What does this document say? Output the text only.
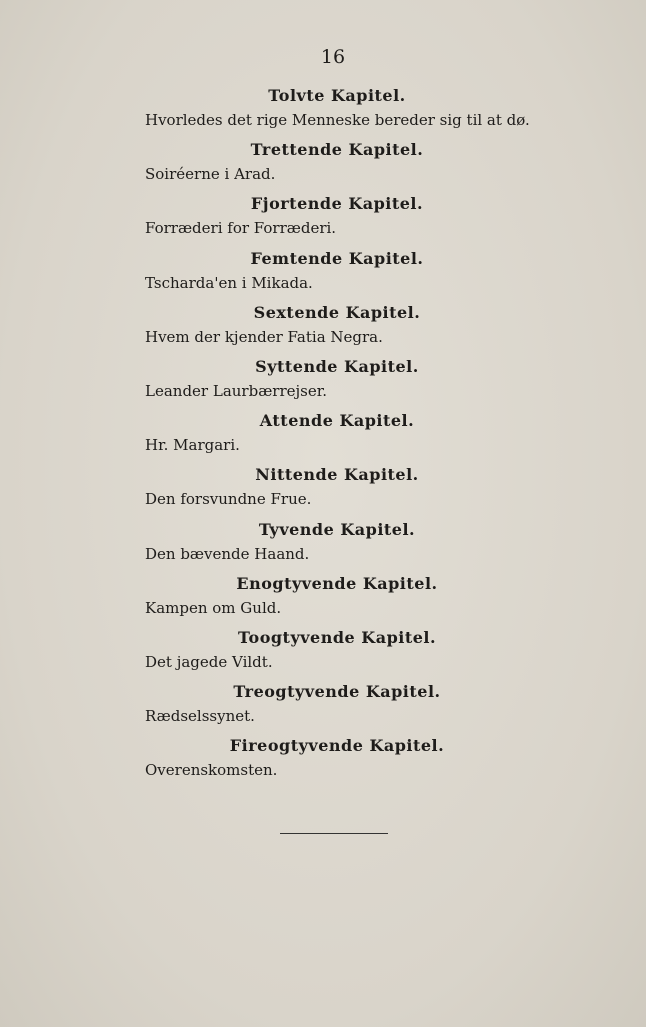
16
Tolvte Kapitel.
Hvorledes det rige Menneske bereder sig til at dø.
Trettende Kapitel.
Soiréerne i Arad.
Fjortende Kapitel.
Forræderi for Forræderi.
Femtende Kapitel.
Tscharda'en i Mikada.
Sextende Kapitel.
Hvem der kjender Fatia Negra.
Syttende Kapitel.
Leander Laurbærrejser.
Attende Kapitel.
Hr. Margari.
Nittende Kapitel.
Den forsvundne Frue.
Tyvende Kapitel.
Den bævende Haand.
Enogtyvende Kapitel.
Kampen om Guld.
Toogtyvende Kapitel.
Det jagede Vildt.
Treogtyvende Kapitel.
Rædselssynet.
Fireogtyvende Kapitel.
Overenskomsten.
